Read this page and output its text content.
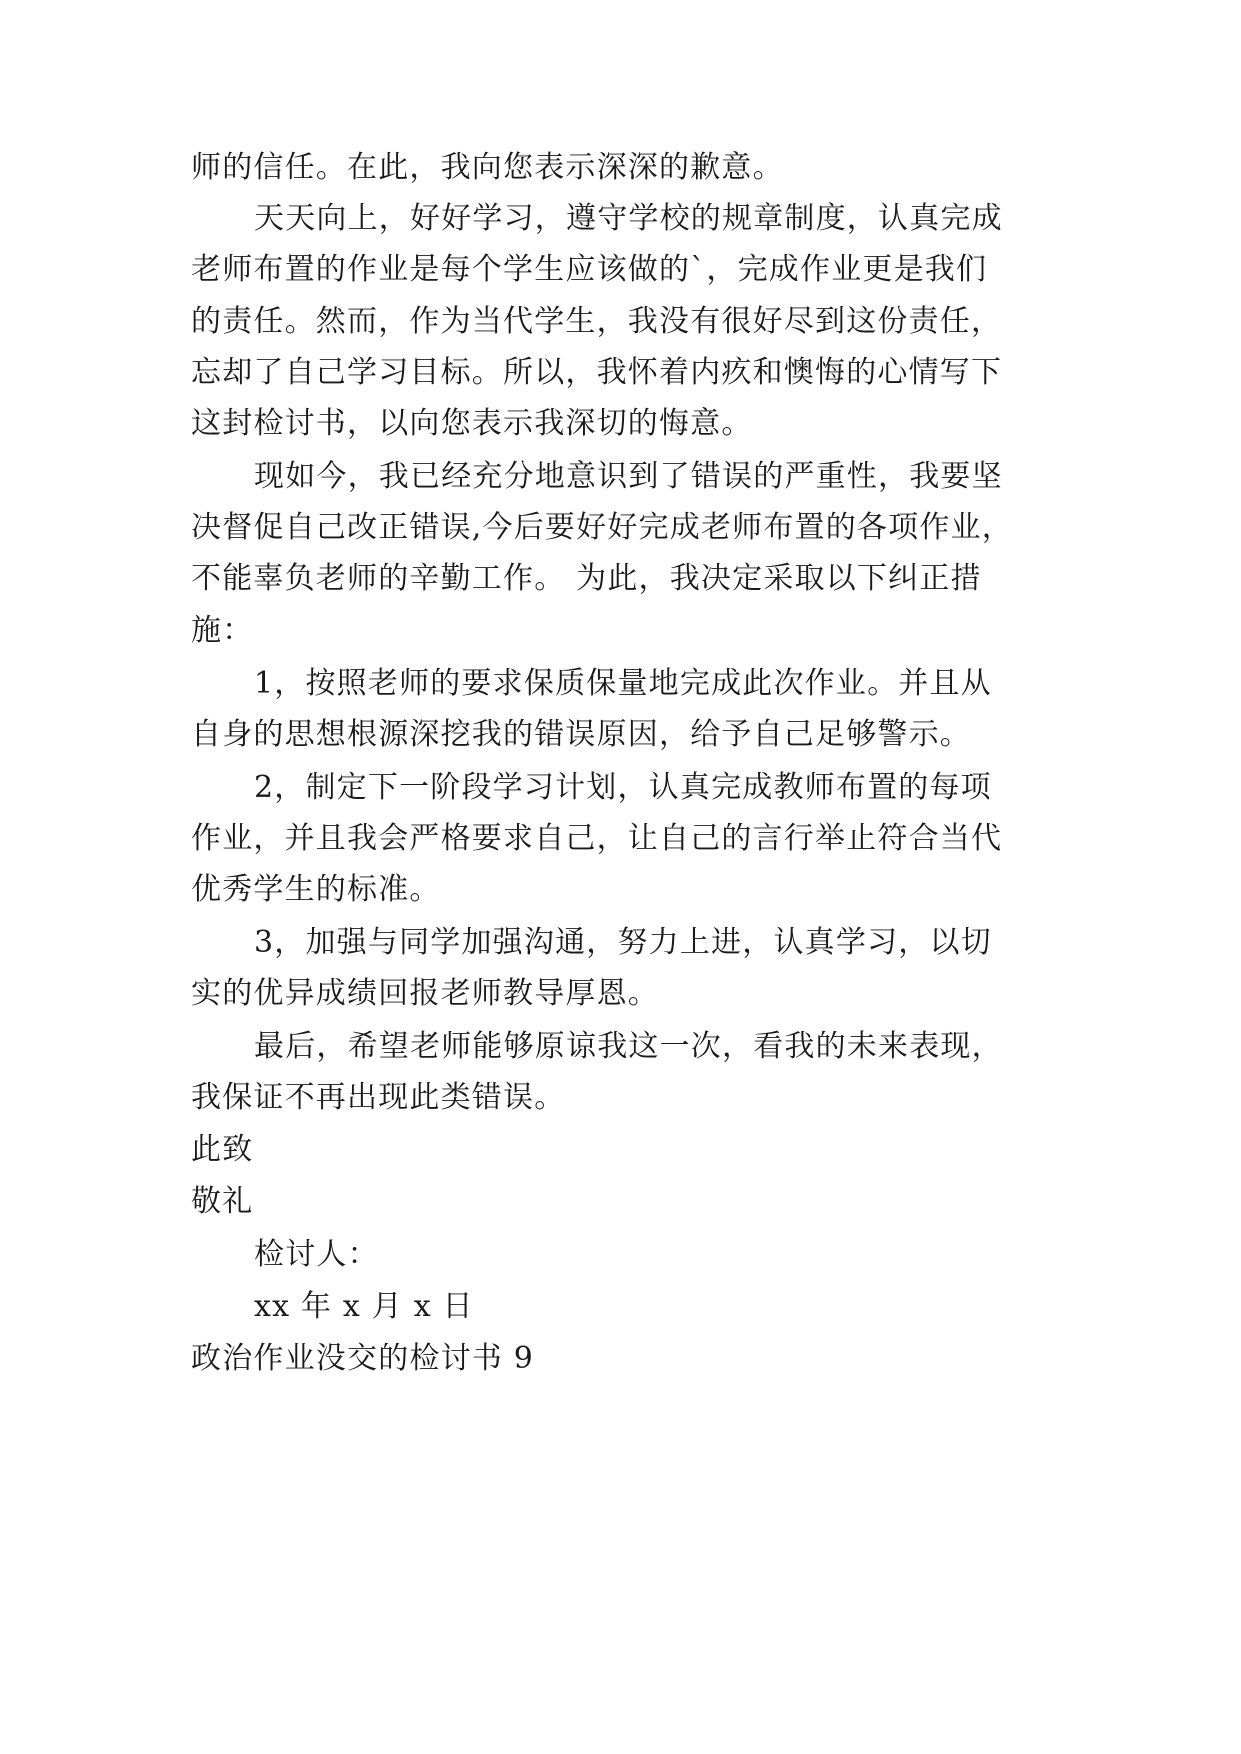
师的信任。在此，我向您表示深深的歉意。
天天向上，好好学习，遵守学校的规章制度，认真完成
老师布置的作业是每个学生应该做的`，完成作业更是我们
的责任。然而，作为当代学生，我没有很好尽到这份责任，
忘却了自己学习目标。所以，我怀着内疚和懊悔的心情写下
这封检讨书，以向您表示我深切的悔意。
现如今，我已经充分地意识到了错误的严重性，我要坚
决督促自己改正错误,今后要好好完成老师布置的各项作业，
不能辜负老师的辛勤工作。 为此，我决定采取以下纠正措
施：
1，按照老师的要求保质保量地完成此次作业。并且从
自身的思想根源深挖我的错误原因，给予自己足够警示。
2，制定下一阶段学习计划，认真完成教师布置的每项
作业，并且我会严格要求自己，让自己的言行举止符合当代
优秀学生的标准。
3，加强与同学加强沟通，努力上进，认真学习，以切
实的优异成绩回报老师教导厚恩。
最后，希望老师能够原谅我这一次，看我的未来表现，
我保证不再出现此类错误。
此致
敬礼
检讨人：
xx 年 x 月 x 日
政治作业没交的检讨书 9
